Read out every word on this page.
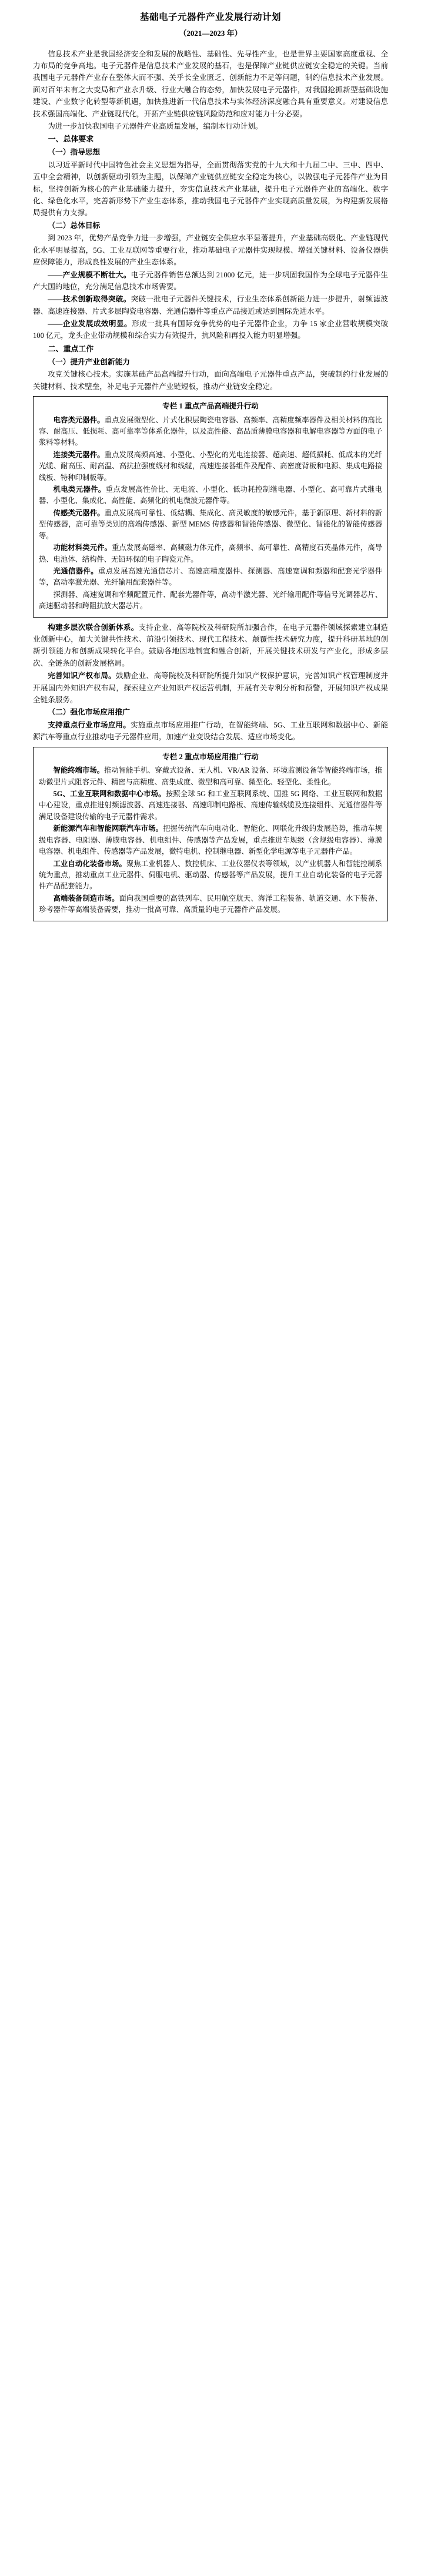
基础电子元器件产业发展行动计划
（2021—2023 年）

信息技术产业是我国经济安全和发展的战略性、基础性、先导性产业，也是世界主要国家高度重视、全力布局的竞争高地。电子元器件是信息技术产业发展的基石，也是保障产业链供应链安全稳定的关键。当前我国电子元器件产业存在整体大而不强、关乎长全业匮乏、创新能力不足等问题，制约信息技术产业发展。面对百年未有之大变局和产业永升级、行业大融合的态势，加快发展电子元器件，对我国抢抓新型基础设施建设、产业数字化转型等新机遇，加快推进新一代信息技术与实体经济深度融合具有重要意义。对建设信息技术强国高端化、产业链现代化，开拓产业链供应链风险防范和应对能力十分必要。

为进一步加快我国电子元器件产业高质量发展，编制本行动计划。

一、总体要求
（一）指导思想

以习近平新时代中国特色社会主义思想为指导，全面贯彻落实党的十九大和十九届二中、三中、四中、五中全会精神，以创新驱动引领为主题，以保障产业链供应链安全稳定为核心，以做强电子元器件产业为目标，坚持创新为核心的产业基础能力提升，夯实信息技术产业基础，提升电子元器件产业的高端化、数字化、绿色化水平，完善新形势下产业生态体系，推动我国电子元器件产业实现高质量发展，为构建新发展格局提供有力支撑。

（二）总体目标

到 2023 年，优势产品竞争力进一步增强，产业链安全供应水平显著提升，产业基础高级化、产业链现代化水平明显提高，5G、工业互联网等重要行业，推动基础电子元器件实现规模、增强关键材料、设备仪器供应保障能力，形成良性发展的产业生态体系。

——产业规模不断壮大。电子元器件销售总额达到 21000 亿元，进一步巩固我国作为全球电子元器件生产大国的地位，充分满足信息技术市场需要。

——技术创新取得突破。突破一批电子元器件关键技术，行业生态体系创新能力进一步提升，射频滤波器、高速连接器、片式多层陶瓷电容器、光通信器件等重点产品接近或达到国际先进水平。

——企业发展成效明显。形成一批具有国际竞争优势的电子元器件企业，力争 15 家企业营收规模突破 100 亿元，龙头企业带动规模和综合实力有效提升，抗风险和再投入能力明显增强。

二、重点工作
（一）提升产业创新能力

攻克关键核心技术。实施基础产品高端提升行动，面向高端电子元器件重点产品，突破制约行业发展的关键材料、技术壁垒，补足电子元器件产业链短板，推动产业链安全稳定。

专栏 1 重点产品高端提升行动

电容类元器件。重点发展微型化、片式化积层陶瓷电容器、高频率、高精度频率器件及相关材料的高比容、耐高压、低损耗、高可靠率等体系化器件，以及高性能、高品质薄膜电容器和电解电容器等方面的电子浆料等材料。

连接类元器件。重点发展高频高速、小型化、小型化的光电连接器、超高速、超低损耗、低成本的光纤光缆、耐高压、耐高温、高抗拉强度线材和线缆，高速连接器组件及配件、高密度背板和电源、集成电路接线板、特种印制板等。

机电类元器件。重点发展高性价比、无电流、小型化、低功耗控制继电器、小型化、高可靠片式继电器、小型化、集成化、高性能、高频化的机电微波元器件等。

传感类元器件。重点发展高可靠性、低结耦、集成化、高灵敏度的敏感元件，基于新原理、新材料的新型传感器，高可靠等类别的高端传感器、新型 MEMS 传感器和智能传感器、微型化、智能化的智能传感器等。

功能材料类元件。重点发展高磁率、高频磁力体元件，高频率、高可靠性、高精度石英晶体元件，高导热、电池体、结构件、无铅环保的电子陶瓷元件。

光通信器件。重点发展高速光通信芯片、高速高精度器件、探测器、高速宽调和频器和配套光学器件等，高动率激光器、光纤输用配套器件等。

探测器、高速宽调和窄频配置元件、配套光器件等，高动半激光器、光纤输用配件等信号光调器芯片、高速驱动器和跨阻抗放大器芯片。

构建多层次联合创新体系。支持企业、高等院校及科研院所加强合作，在电子元器件领域探索建立制造业创新中心，加大关键共性技术、前沿引领技术、现代工程技术、颠覆性技术研究力度，提升科研基地的创新引领能力和创新成果转化平台。鼓励各地因地制宜和融合创新，开展关键技术研发与产业化，形成多层次、全链条的创新发展格局。

完善知识产权布局。鼓励企业、高等院校及科研院所提升知识产权保护意识，完善知识产权管理制度并开展国内外知识产权布局，探索建立产业知识产权运营机制，开展有关专利分析和预警，开展知识产权成果全链条服务。

（二）强化市场应用推广

支持重点行业市场应用。实施重点市场应用推广行动，在智能终端、5G、工业互联网和数据中心、新能源汽车等重点行业推动电子元器件应用，加速产业变设结合发展、适应市场变化。

专栏 2 重点市场应用推广行动

智能终端市场。推动智能手机、穿戴式设备、无人机、VR/AR 设备、环境监测设备等智能终端市场，推动微型片式阻容元件、精密与高精度、高集成度、微型和高可靠、微型化、轻型化、柔性化。

5G、工业互联网和数据中心市场。按照全球 5G 和工业互联网系统、国推 5G 网络、工业互联网和数据中心建设，重点推进射频滤波器、高速连接器、高速印制电路板、高速传输线缆及连接组件、光通信器件等满足设备建设传输的电子元器件需求。

新能源汽车和智能网联汽车市场。把握传统汽车向电动化、智能化、网联化升级的发展趋势，推动车规级电容器、电阻器、薄膜电容器、机电组件、传感器等产品发展，重点推进车规级（含规级电容器）、薄膜电容器、机电组件、传感器等产品发展，微特电机、控制继电器、新型化学电源等电子元器件产品。

工业自动化装备市场。聚焦工业机器人、数控机床、工业仪器仪表等领域，以产业机器人和智能控制系统为重点，推动重点工业元器件、伺服电机、驱动器、传感器等产品发展，提升工业自动化装备的电子元器件产品配套能力。

高端装备制造市场。面向我国重要的高铁列车、民用航空航天、海洋工程装备、轨道交通、水下装备、珍考器件等高端装备需要，推动一批高可靠、高质量的电子元器件产品发展。
